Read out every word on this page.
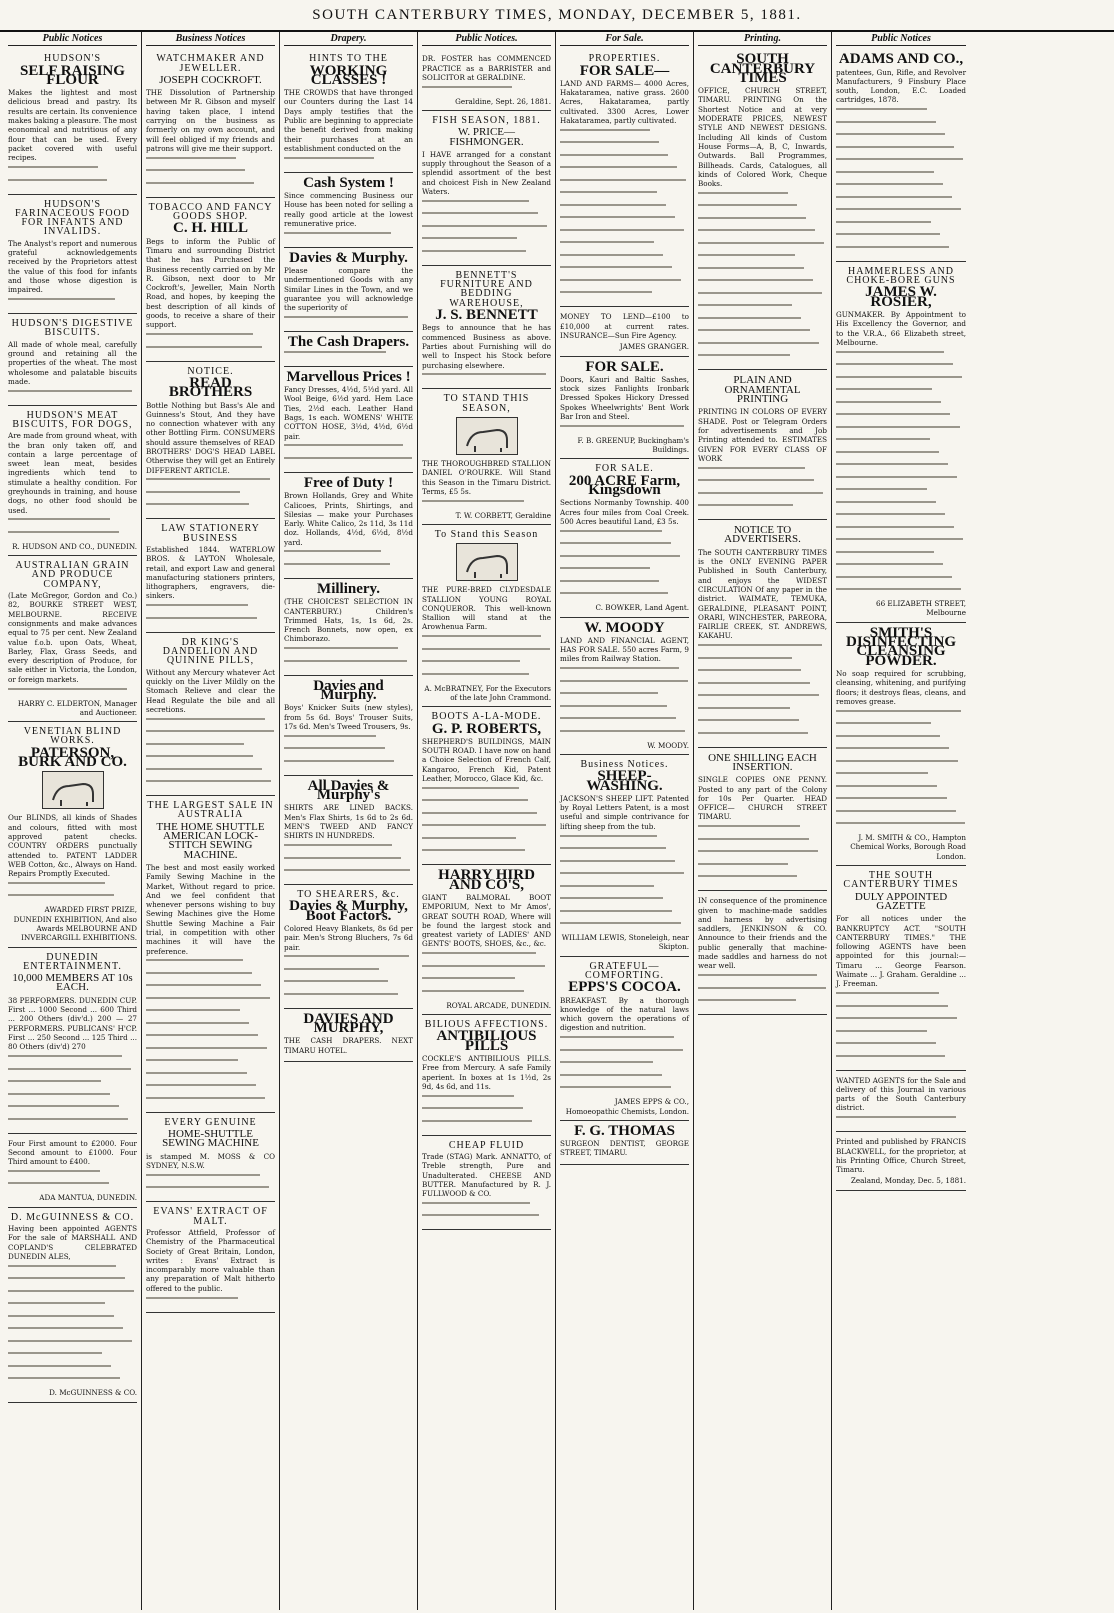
SOUTH CANTERBURY TIMES, MONDAY, DECEMBER 5, 1881.
Public Notices
HUDSON'S
SELF RAISING FLOUR

Makes the lightest and most delicious bread and pastry. Its results are certain. Its convenience makes baking a pleasure. The most economical and nutritious of any flour that can be used. Every packet covered with useful recipes.

HUDSON'S FARINACEOUS FOOD FOR INFANTS AND INVALIDS.

The Analyst's report and numerous grateful acknowledgements received by the Proprietors attest the value of this food for infants and those whose digestion is impaired.

HUDSON'S DIGESTIVE BISCUITS.

All made of whole meal, carefully ground and retaining all the properties of the wheat. The most wholesome and palatable biscuits made.

HUDSON'S MEAT BISCUITS, FOR DOGS,

Are made from ground wheat, with the bran only taken off, and contain a large percentage of sweet lean meat, besides ingredients which tend to stimulate a healthy condition. For greyhounds in training, and house dogs, no other food should be used.

R. HUDSON AND CO., DUNEDIN.
AUSTRALIAN GRAIN AND PRODUCE COMPANY,

(Late McGregor, Gordon and Co.) 82, BOURKE STREET WEST, MELBOURNE. RECEIVE consignments and make advances equal to 75 per cent. New Zealand value f.o.b. upon Oats, Wheat, Barley, Flax, Grass Seeds, and every description of Produce, for sale either in Victoria, the London, or foreign markets.

HARRY C. ELDERTON, Manager and Auctioneer.
VENETIAN BLIND WORKS.
PATERSON, BURK AND CO.

Our BLINDS, all kinds of Shades and colours, fitted with most approved patent checks. COUNTRY ORDERS punctually attended to. PATENT LADDER WEB Cotton, &c., Always on Hand. Repairs Promptly Executed.

AWARDED FIRST PRIZE, DUNEDIN EXHIBITION, And also Awards MELBOURNE AND INVERCARGILL EXHIBITIONS.
DUNEDIN ENTERTAINMENT.
10,000 MEMBERS AT 10s EACH.

38 PERFORMERS. DUNEDIN CUP. First ... 1000 Second ... 600 Third ... 200 Others (div'd.) 200 — 27 PERFORMERS. PUBLICANS' H'CP. First ... 250 Second ... 125 Third ... 80 Others (div'd) 270

Four First amount to £2000. Four Second amount to £1000. Four Third amount to £400.

ADA MANTUA, DUNEDIN.
D. McGUINNESS & CO.

Having been appointed AGENTS For the sale of MARSHALL AND COPLAND'S CELEBRATED DUNEDIN ALES,

D. McGUINNESS & CO.
Business Notices
WATCHMAKER AND JEWELLER.
JOSEPH COCKROFT.

THE Dissolution of Partnership between Mr R. Gibson and myself having taken place, I intend carrying on the business as formerly on my own account, and will feel obliged if my friends and patrons will give me their support.

TOBACCO AND FANCY GOODS SHOP.
C. H. HILL

Begs to inform the Public of Timaru and surrounding District that he has Purchased the Business recently carried on by Mr R. Gibson, next door to Mr Cockroft's, Jeweller, Main North Road, and hopes, by keeping the best description of all kinds of goods, to receive a share of their support.

NOTICE.
READ BROTHERS

Bottle Nothing but Bass's Ale and Guinness's Stout, And they have no connection whatever with any other Bottling Firm. CONSUMERS should assure themselves of READ BROTHERS' DOG'S HEAD LABEL Otherwise they will get an Entirely DIFFERENT ARTICLE.

LAW STATIONERY BUSINESS

Established 1844. WATERLOW BROS. & LAYTON Wholesale, retail, and export Law and general manufacturing stationers printers, lithographers, engravers, die-sinkers.

DR KING'S DANDELION AND QUININE PILLS,

Without any Mercury whatever Act quickly on the Liver Mildly on the Stomach Relieve and clear the Head Regulate the bile and all secretions.

THE LARGEST SALE IN AUSTRALIA
THE HOME SHUTTLE AMERICAN LOCK-STITCH SEWING MACHINE.

The best and most easily worked Family Sewing Machine in the Market, Without regard to price. And we feel confident that whenever persons wishing to buy Sewing Machines give the Home Shuttle Sewing Machine a Fair trial, in competition with other machines it will have the preference.

EVERY GENUINE
HOME-SHUTTLE SEWING MACHINE

is stamped M. MOSS & CO SYDNEY, N.S.W.

EVANS' EXTRACT OF MALT.

Professor Attfield, Professor of Chemistry of the Pharmaceutical Society of Great Britain, London, writes : Evans' Extract is incomparably more valuable than any preparation of Malt hitherto offered to the public.

Drapery.
HINTS TO THE
WORKING CLASSES !

THE CROWDS that have thronged our Counters during the Last 14 Days amply testifies that the Public are beginning to appreciate the benefit derived from making their purchases at an establishment conducted on the

Cash System !

Since commencing Business our House has been noted for selling a really good article at the lowest remunerative price.

Davies & Murphy.

Please compare the undermentioned Goods with any Similar Lines in the Town, and we guarantee you will acknowledge the superiority of

The Cash Drapers.
Marvellous Prices !

Fancy Dresses, 4½d, 5½d yard. All Wool Beige, 6½d yard. Hem Lace Ties, 2½d each. Leather Hand Bags, 1s each. WOMENS' WHITE COTTON HOSE, 3½d, 4½d, 6½d pair.

Free of Duty !

Brown Hollands, Grey and White Calicoes, Prints, Shirtings, and Silesias — make your Purchases Early. White Calico, 2s 11d, 3s 11d doz. Hollands, 4½d, 6½d, 8½d yard.

Millinery.

(THE CHOICEST SELECTION IN CANTERBURY.) Children's Trimmed Hats, 1s, 1s 6d, 2s. French Bonnets, now open, ex Chimborazo.

Davies and Murphy.

Boys' Knicker Suits (new styles), from 5s 6d. Boys' Trouser Suits, 17s 6d. Men's Tweed Trousers, 9s.

All Davies & Murphy's

SHIRTS ARE LINED BACKS. Men's Flax Shirts, 1s 6d to 2s 6d. MEN'S TWEED AND FANCY SHIRTS IN HUNDREDS.

TO SHEARERS, &c.
Davies & Murphy, Boot Factors.

Colored Heavy Blankets, 8s 6d per pair. Men's Strong Bluchers, 7s 6d pair.

DAVIES AND MURPHY,

THE CASH DRAPERS. NEXT TIMARU HOTEL.

Public Notices.

DR. FOSTER has COMMENCED PRACTICE as a BARRISTER and SOLICITOR at GERALDINE.

Geraldine, Sept. 26, 1881.
FISH SEASON, 1881.
W. PRICE—FISHMONGER.

I HAVE arranged for a constant supply throughout the Season of a splendid assortment of the best and choicest Fish in New Zealand Waters.

BENNETT'S FURNITURE AND BEDDING WAREHOUSE,
J. S. BENNETT

Begs to announce that he has commenced Business as above. Parties about Furnishing will do well to Inspect his Stock before purchasing elsewhere.

TO STAND THIS SEASON,

THE THOROUGHBRED STALLION DANIEL O'ROURKE. Will Stand this Season in the Timaru District. Terms, £5 5s.

T. W. CORBETT, Geraldine
To Stand this Season

THE PURE-BRED CLYDESDALE STALLION YOUNG ROYAL CONQUEROR. This well-known Stallion will stand at the Arowhenua Farm.

A. McBRATNEY, For the Executors of the late John Crammond.
BOOTS A-LA-MODE.
G. P. ROBERTS,

SHEPHERD'S BUILDINGS, MAIN SOUTH ROAD. I have now on hand a Choice Selection of French Calf, Kangaroo, French Kid, Patent Leather, Morocco, Glace Kid, &c.

HARRY HIRD AND CO'S,

GIANT BALMORAL BOOT EMPORIUM, Next to Mr Amos', GREAT SOUTH ROAD, Where will be found the largest stock and greatest variety of LADIES' AND GENTS' BOOTS, SHOES, &c., &c.

ROYAL ARCADE, DUNEDIN.
BILIOUS AFFECTIONS.
ANTIBILIOUS PILLS

COCKLE'S ANTIBILIOUS PILLS. Free from Mercury. A safe Family aperient. In boxes at 1s 1½d, 2s 9d, 4s 6d, and 11s.

CHEAP FLUID

Trade (STAG) Mark. ANNATTO, of Treble strength, Pure and Unadulterated. CHEESE AND BUTTER. Manufactured by R. J. FULLWOOD & CO.

For Sale.
PROPERTIES.
FOR SALE—

LAND AND FARMS— 4000 Acres, Hakataramea, native grass. 2600 Acres, Hakataramea, partly cultivated. 3300 Acres, Lower Hakataramea, partly cultivated.

MONEY TO LEND—£100 to £10,000 at current rates. INSURANCE—Sun Fire Agency.

JAMES GRANGER.
FOR SALE.

Doors, Kauri and Baltic Sashes, stock sizes Fanlights Ironbark Dressed Spokes Hickory Dressed Spokes Wheelwrights' Bent Work Bar Iron and Steel.

F. B. GREENUP, Buckingham's Buildings.
FOR SALE.
200 ACRE Farm, Kingsdown

Sections Normanby Township. 400 Acres four miles from Coal Creek. 500 Acres beautiful Land, £3 5s.

C. BOWKER, Land Agent.
W. MOODY

LAND AND FINANCIAL AGENT, HAS FOR SALE. 550 acres Farm, 9 miles from Railway Station.

W. MOODY.
Business Notices.
SHEEP-WASHING.

JACKSON'S SHEEP LIFT. Patented by Royal Letters Patent, is a most useful and simple contrivance for lifting sheep from the tub.

WILLIAM LEWIS, Stoneleigh, near Skipton.
GRATEFUL—COMFORTING.
EPPS'S COCOA.

BREAKFAST. By a thorough knowledge of the natural laws which govern the operations of digestion and nutrition.

JAMES EPPS & CO., Homoeopathic Chemists, London.
F. G. THOMAS

SURGEON DENTIST, GEORGE STREET, TIMARU.

Printing.
SOUTH CANTERBURY TIMES

OFFICE, CHURCH STREET, TIMARU. PRINTING On the Shortest Notice and at very MODERATE PRICES, NEWEST STYLE AND NEWEST DESIGNS. Including All kinds of Custom House Forms—A, B, C, Inwards, Outwards. Ball Programmes, Billheads. Cards, Catalogues, all kinds of Colored Work, Cheque Books.

PLAIN AND ORNAMENTAL PRINTING

PRINTING IN COLORS OF EVERY SHADE. Post or Telegram Orders for advertisements and Job Printing attended to. ESTIMATES GIVEN FOR EVERY CLASS OF WORK

NOTICE TO ADVERTISERS.

The SOUTH CANTERBURY TIMES is the ONLY EVENING PAPER Published in South Canterbury, and enjoys the WIDEST CIRCULATION Of any paper in the district. WAIMATE, TEMUKA, GERALDINE, PLEASANT POINT, ORARI, WINCHESTER, PAREORA, FAIRLIE CREEK, ST. ANDREWS, KAKAHU.

ONE SHILLING EACH INSERTION.

SINGLE COPIES ONE PENNY. Posted to any part of the Colony for 10s Per Quarter. HEAD OFFICE— CHURCH STREET TIMARU.

IN consequence of the prominence given to machine-made saddles and harness by advertising saddlers, JENKINSON & CO. Announce to their friends and the public generally that machine-made saddles and harness do not wear well.

Public Notices
ADAMS AND CO.,

patentees, Gun, Rifle, and Revolver Manufacturers, 9 Finsbury Place south, London, E.C. Loaded cartridges, 1878.

HAMMERLESS AND CHOKE-BORE GUNS
JAMES W. ROSIER,

GUNMAKER. By Appointment to His Excellency the Governor, and to the V.R.A., 66 Elizabeth street, Melbourne.

66 ELIZABETH STREET, Melbourne
SMITH'S DISINFECTING CLEANSING POWDER.

No soap required for scrubbing, cleansing, whitening, and purifying floors; it destroys fleas, cleans, and removes grease.

J. M. SMITH & CO., Hampton Chemical Works, Borough Road London.
THE SOUTH CANTERBURY TIMES
DULY APPOINTED GAZETTE

For all notices under the BANKRUPTCY ACT. "SOUTH CANTERBURY TIMES." THE following AGENTS have been appointed for this journal:— Timaru ... George Fearson. Waimate ... J. Graham. Geraldine ... J. Freeman.

WANTED AGENTS for the Sale and delivery of this Journal in various parts of the South Canterbury district.

Printed and published by FRANCIS BLACKWELL, for the proprietor, at his Printing Office, Church Street, Timaru.

Zealand, Monday, Dec. 5, 1881.
